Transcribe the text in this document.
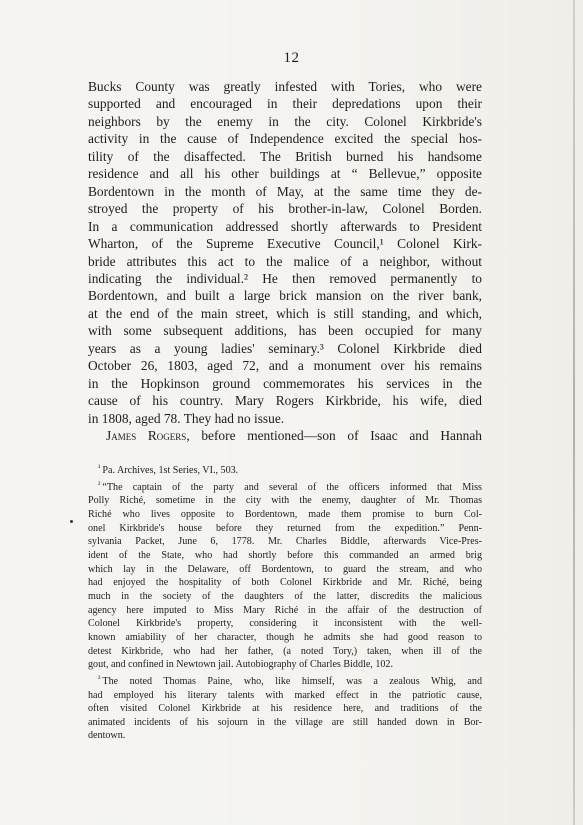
12
Bucks County was greatly infested with Tories, who were
supported and encouraged in their depredations upon their
neighbors by the enemy in the city. Colonel Kirkbride's
activity in the cause of Independence excited the special hos-
tility of the disaffected. The British burned his handsome
residence and all his other buildings at “ Bellevue,” opposite
Bordentown in the month of May, at the same time they de-
stroyed the property of his brother-in-law, Colonel Borden.
In a communication addressed shortly afterwards to President
Wharton, of the Supreme Executive Council,¹ Colonel Kirk-
bride attributes this act to the malice of a neighbor, without
indicating the individual.² He then removed permanently to
Bordentown, and built a large brick mansion on the river bank,
at the end of the main street, which is still standing, and which,
with some subsequent additions, has been occupied for many
years as a young ladies' seminary.³ Colonel Kirkbride died
October 26, 1803, aged 72, and a monument over his remains
in the Hopkinson ground commemorates his services in the
cause of his country. Mary Rogers Kirkbride, his wife, died
in 1808, aged 78. They had no issue.
James Rogers, before mentioned—son of Isaac and Hannah
$^{^1}$ Pa. Archives, 1st Series, VI., 503.
$^{^2}$ “The captain of the party and several of the officers informed that Miss
Polly Riché, sometime in the city with the enemy, daughter of Mr. Thomas
Riché who lives opposite to Bordentown, made them promise to burn Col-
onel Kirkbride's house before they returned from the expedition.” Penn-
sylvania Packet, June 6, 1778. Mr. Charles Biddle, afterwards Vice-Pres-
ident of the State, who had shortly before this commanded an armed brig
which lay in the Delaware, off Bordentown, to guard the stream, and who
had enjoyed the hospitality of both Colonel Kirkbride and Mr. Riché, being
much in the society of the daughters of the latter, discredits the malicious
agency here imputed to Miss Mary Riché in the affair of the destruction of
Colonel Kirkbride's property, considering it inconsistent with the well-
known amiability of her character, though he admits she had good reason to
detest Kirkbride, who had her father, (a noted Tory,) taken, when ill of the
gout, and confined in Newtown jail. Autobiography of Charles Biddle, 102.
$^{^3}$ The noted Thomas Paine, who, like himself, was a zealous Whig, and
had employed his literary talents with marked effect in the patriotic cause,
often visited Colonel Kirkbride at his residence here, and traditions of the
animated incidents of his sojourn in the village are still handed down in Bor-
dentown.
